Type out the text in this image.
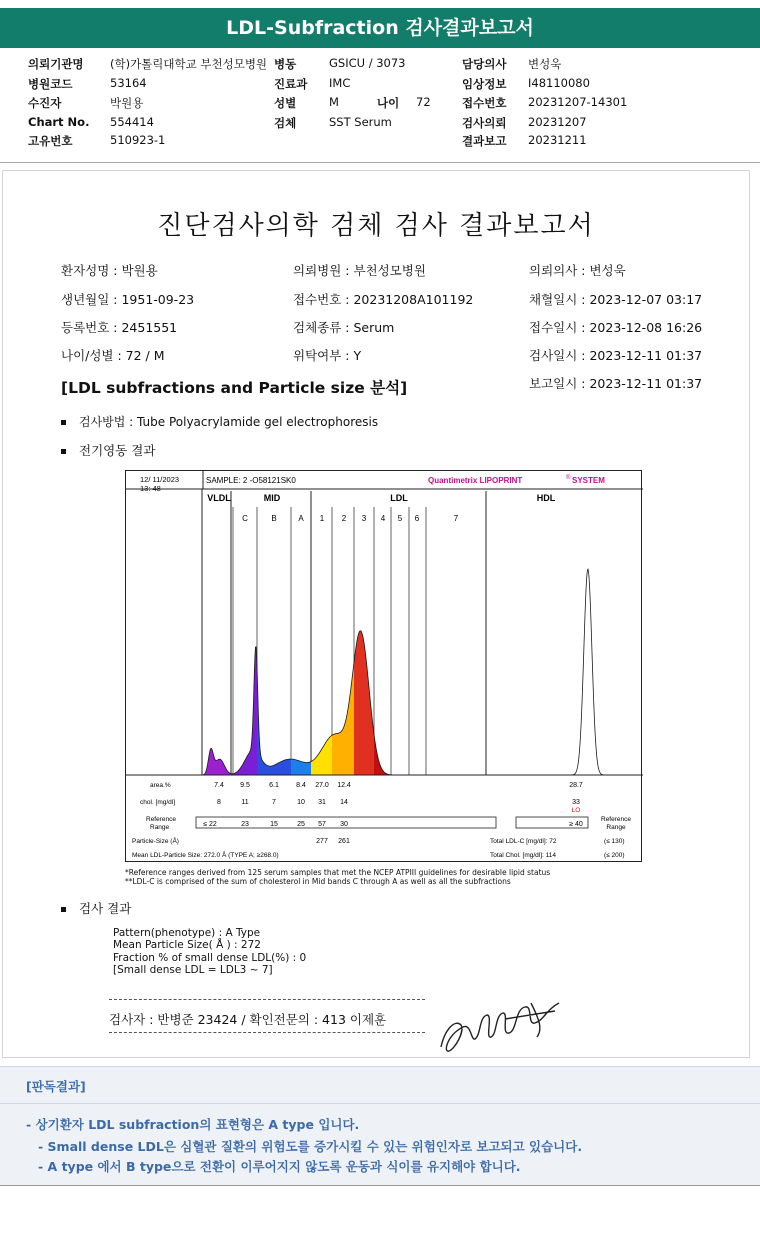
LDL-Subfraction 검사결과보고서
의뢰기관명 (학)가톨릭대학교 부천성모병원 병동	GSICU / 3073	담당의사 변성욱
병원코드	53164	진료과 IMC	임상정보 I48110080
수진자	박원용	성별	M	나이 72	접수번호 20231207-14301
Chart No. 554414	검체	SST Serum	검사의뢰 20231207
고유번호	510923-1	결과보고 20231211
진단검사의학 검체 검사 결과보고서
환자성명 : 박원용	의뢰병원 : 부천성모병원	의뢰의사 : 변성욱
생년월일 : 1951-09-23	접수번호 : 20231208A101192	채혈일시 : 2023-12-07 03:17
등록번호 : 2451551	검체종류 : Serum	접수일시 : 2023-12-08 16:26
나이/성별 : 72 / M	위탁여부 : Y	검사일시 : 2023-12-11 01:37
[LDL subfractions and Particle size 분석]	보고일시 : 2023-12-11 01:37
검사방법 : Tube Polyacrylamide gel electrophoresis
전기영동 결과
12/ 11/2023
13: 48
SAMPLE: 2 -O58121SK0	Quantimetrix LIPOPRINT	® SYSTEM
VLDL	MID	LDL	HDL
C	B	A 1 2 3 4 5 6	7
area.%	7.4 9.5	6.1 8.4 27.0 12.4	28.7
chol. [mg/dl]	8	11	7	10 31 14	33
LO
Reference
Range	≤ 22	23	15	25 57 30	≥ 40
Reference
Range
Particle-Size (Å)	277 261	Total LDL-C [mg/dl]: 72	(≤ 130)
Mean LDL-Particle Size: 272.0 Å (TYPE A; ≥268.0)	Total Chol. [mg/dl]: 114	(≤ 200)
*Reference ranges derived from 125 serum samples that met the NCEP ATPIII guidelines for desirable lipid status
**LDL-C is comprised of the sum of cholesterol in Mid bands C through A as well as all the subfractions
검사 결과
Pattern(phenotype) : A Type
Mean Particle Size( Å ) : 272
Fraction % of small dense LDL(%) : 0
[Small dense LDL = LDL3 ~ 7]
검사자 : 반병준 23424 / 확인전문의 : 413 이제훈
[판독결과]
- 상기환자 LDL subfraction의 표현형은 A type 입니다.
- Small dense LDL은 심혈관 질환의 위험도를 증가시킬 수 있는 위험인자로 보고되고 있습니다.
- A type 에서 B type으로 전환이 이루어지지 않도록 운동과 식이를 유지해야 합니다.
